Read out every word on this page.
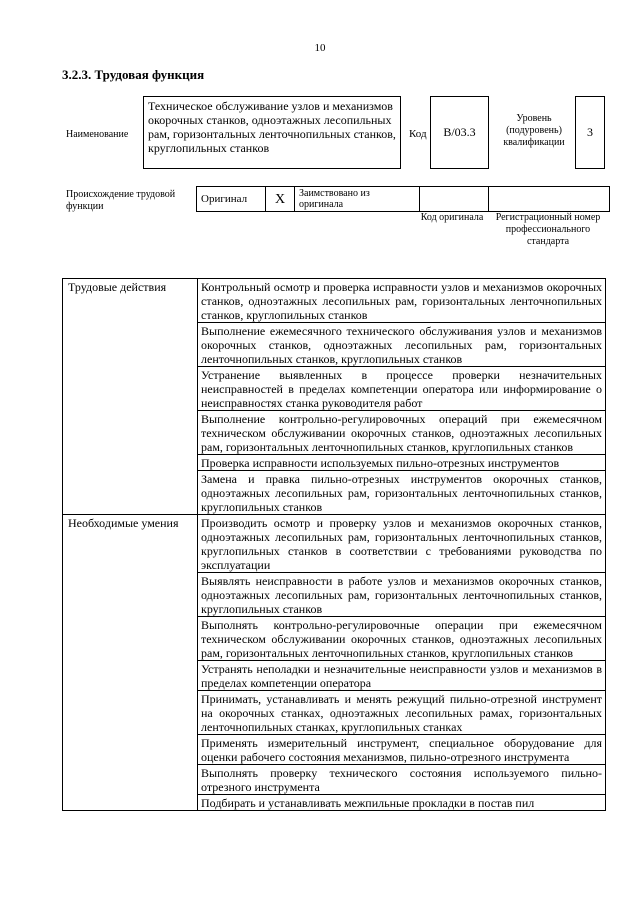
10
3.2.3. Трудовая функция
Наименование
Техническое обслуживание узлов и механизмов окорочных станков, одноэтажных лесопильных рам, горизонтальных ленточнопильных станков, круглопильных станков
Код	B/03.3
Уровень (подуровень) квалификации
3
Происхождение трудовой функции
Оригинал	X	Заимствовано из оригинала		
Код оригинала	Регистрационный номер профессионального стандарта
Трудовые действия	Контрольный осмотр и проверка исправности узлов и механизмов окорочных станков, одноэтажных лесопильных рам, горизонтальных ленточнопильных станков, круглопильных станков
	Выполнение ежемесячного технического обслуживания узлов и механизмов окорочных станков, одноэтажных лесопильных рам, горизонтальных ленточнопильных станков, круглопильных станков
	Устранение выявленных в процессе проверки незначительных неисправностей в пределах компетенции оператора или информирование о неисправностях станка руководителя работ
	Выполнение контрольно-регулировочных операций при ежемесячном техническом обслуживании окорочных станков, одноэтажных лесопильных рам, горизонтальных ленточнопильных станков, круглопильных станков
	Проверка исправности используемых пильно-отрезных инструментов
	Замена и правка пильно-отрезных инструментов окорочных станков, одноэтажных лесопильных рам, горизонтальных ленточнопильных станков, круглопильных станков
Необходимые умения	Производить осмотр и проверку узлов и механизмов окорочных станков, одноэтажных лесопильных рам, горизонтальных ленточнопильных станков, круглопильных станков в соответствии с требованиями руководства по эксплуатации
	Выявлять неисправности в работе узлов и механизмов окорочных станков, одноэтажных лесопильных рам, горизонтальных ленточнопильных станков, круглопильных станков
	Выполнять контрольно-регулировочные операции при ежемесячном техническом обслуживании окорочных станков, одноэтажных лесопильных рам, горизонтальных ленточнопильных станков, круглопильных станков
	Устранять неполадки и незначительные неисправности узлов и механизмов в пределах компетенции оператора
	Принимать, устанавливать и менять режущий пильно-отрезной инструмент на окорочных станках, одноэтажных лесопильных рамах, горизонтальных ленточнопильных станках, круглопильных станках
	Применять измерительный инструмент, специальное оборудование для оценки рабочего состояния механизмов, пильно-отрезного инструмента
	Выполнять проверку технического состояния используемого пильно-отрезного инструмента
	Подбирать и устанавливать межпильные прокладки в постав пил
